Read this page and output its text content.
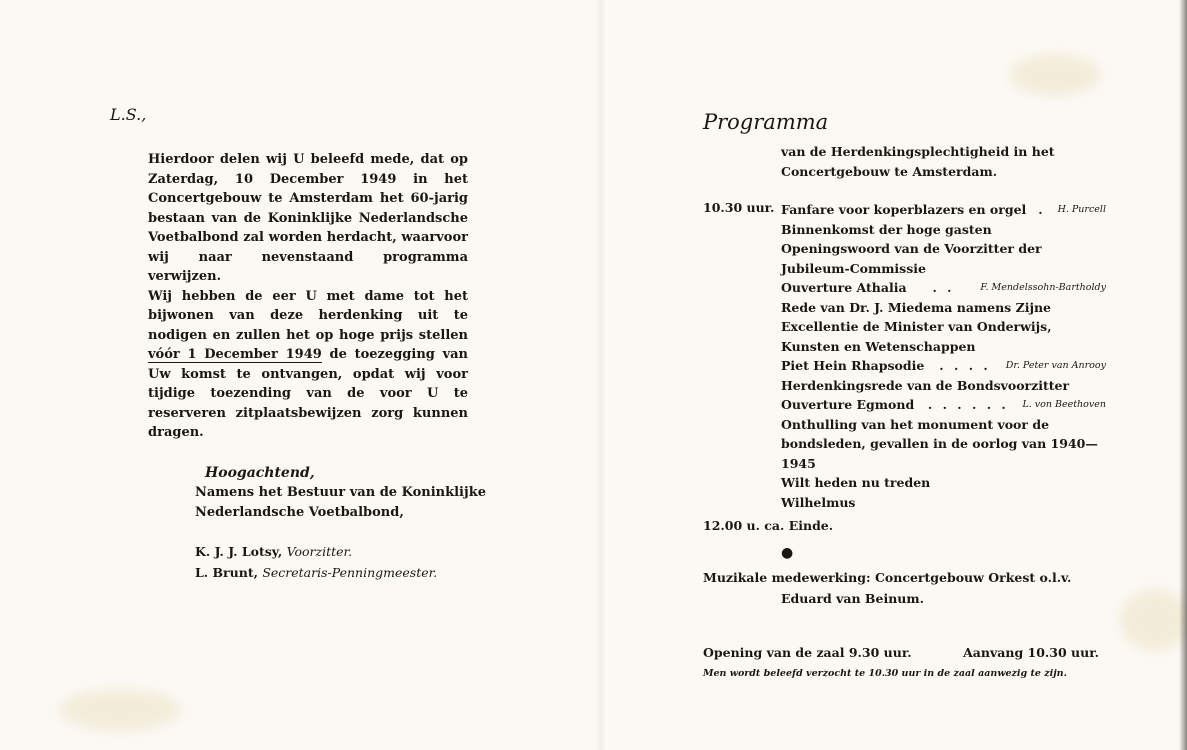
L.S.,

Hierdoor delen wij U beleefd mede, dat op Zaterdag, 10 December 1949 in het Concertgebouw te Amsterdam het 60-jarig bestaan van de Koninklijke Nederlandsche Voetbalbond zal worden herdacht, waarvoor wij naar nevenstaand programma verwijzen.

Wij hebben de eer U met dame tot het bijwonen van deze herdenking uit te nodigen en zullen het op hoge prijs stellen vóór 1 December 1949 de toezegging van Uw komst te ontvangen, opdat wij voor tijdige toezending van de voor U te reserveren zitplaatsbewijzen zorg kunnen dragen.

Hoogachtend,
Namens het Bestuur van de Koninklijke
Nederlandsche Voetbalbond,
K. J. J. Lotsy, Voorzitter.
L. Brunt, Secretaris-Penningmeester.
Programma
van de Herdenkingsplechtigheid in het Concertgebouw te Amsterdam.
10.30 uur. Fanfare voor koperblazers en orgel .	H. Purcell
Binnenkomst der hoge gasten
Openingswoord van de Voorzitter der Jubileum-Commissie
Ouverture Athalia	. .	F. Mendelssohn-Bartholdy
Rede van Dr. J. Miedema namens Zijne Excellentie de Minister van Onderwijs, Kunsten en Wetenschappen
Piet Hein Rhapsodie	. . . .	Dr. Peter van Anrooy
Herdenkingsrede van de Bondsvoorzitter
Ouverture Egmond	. . . . . .	L. von Beethoven
Onthulling van het monument voor de bondsleden, gevallen in de oorlog van 1940—1945
Wilt heden nu treden
Wilhelmus
12.00 u. ca. Einde.
●
Muzikale medewerking: Concertgebouw Orkest o.l.v.
Eduard van Beinum.
Opening van de zaal 9.30 uur.	Aanvang 10.30 uur.
Men wordt beleefd verzocht te 10.30 uur in de zaal aanwezig te zijn.
